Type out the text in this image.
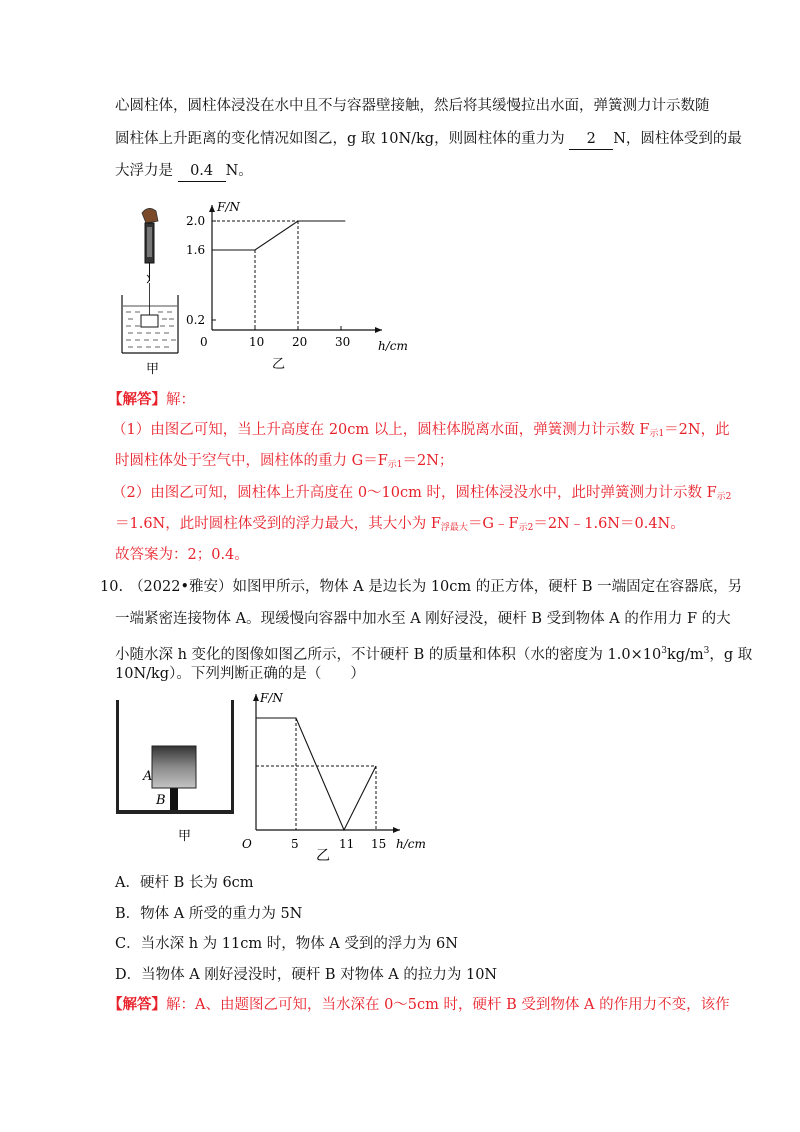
心圆柱体，圆柱体浸没在水中且不与容器壁接触，然后将其缓慢拉出水面，弹簧测力计示数随
圆柱体上升距离的变化情况如图乙，g 取 10N/kg，则圆柱体的重力为 2 N，圆柱体受到的最
大浮力是 0.4 N。
甲
F/N
h/cm
0	10 20 30
0.2
1.6
2.0
乙
【解答】解：
（1）由图乙可知，当上升高度在 20cm 以上，圆柱体脱离水面，弹簧测力计示数 $F_{示1}=2N$，此
时圆柱体处于空气中，圆柱体的重力 $G=F_{示1}=2N$；
（2）由图乙可知，圆柱体上升高度在 0～10cm 时，圆柱体浸没水中，此时弹簧测力计示数 $F_{示2}$
＝1.6N，此时圆柱体受到的浮力最大，其大小为 $F_{浮最大}=G﹣F_{示2}=2N﹣1.6N=0.4N$。
故答案为：2；0.4。
10. （2022•雅安）如图甲所示，物体 A 是边长为 10cm 的正方体，硬杆 B 一端固定在容器底，另
一端紧密连接物体 A。现缓慢向容器中加水至 A 刚好浸没，硬杆 B 受到物体 A 的作用力 F 的大
小随水深 h 变化的图像如图乙所示，不计硬杆 B 的质量和体积（水的密度为 $1.0\times 10^3kg/m^3$，g 取
10N/kg）。下列判断正确的是（　　）
A
B
甲
F/N
h/cm
O	5	11 15
乙
A．硬杆 B 长为 6cm
B．物体 A 所受的重力为 5N
C．当水深 h 为 11cm 时，物体 A 受到的浮力为 6N
D．当物体 A 刚好浸没时，硬杆 B 对物体 A 的拉力为 10N
【解答】解：A、由题图乙可知，当水深在 0～5cm 时，硬杆 B 受到物体 A 的作用力不变，该作
